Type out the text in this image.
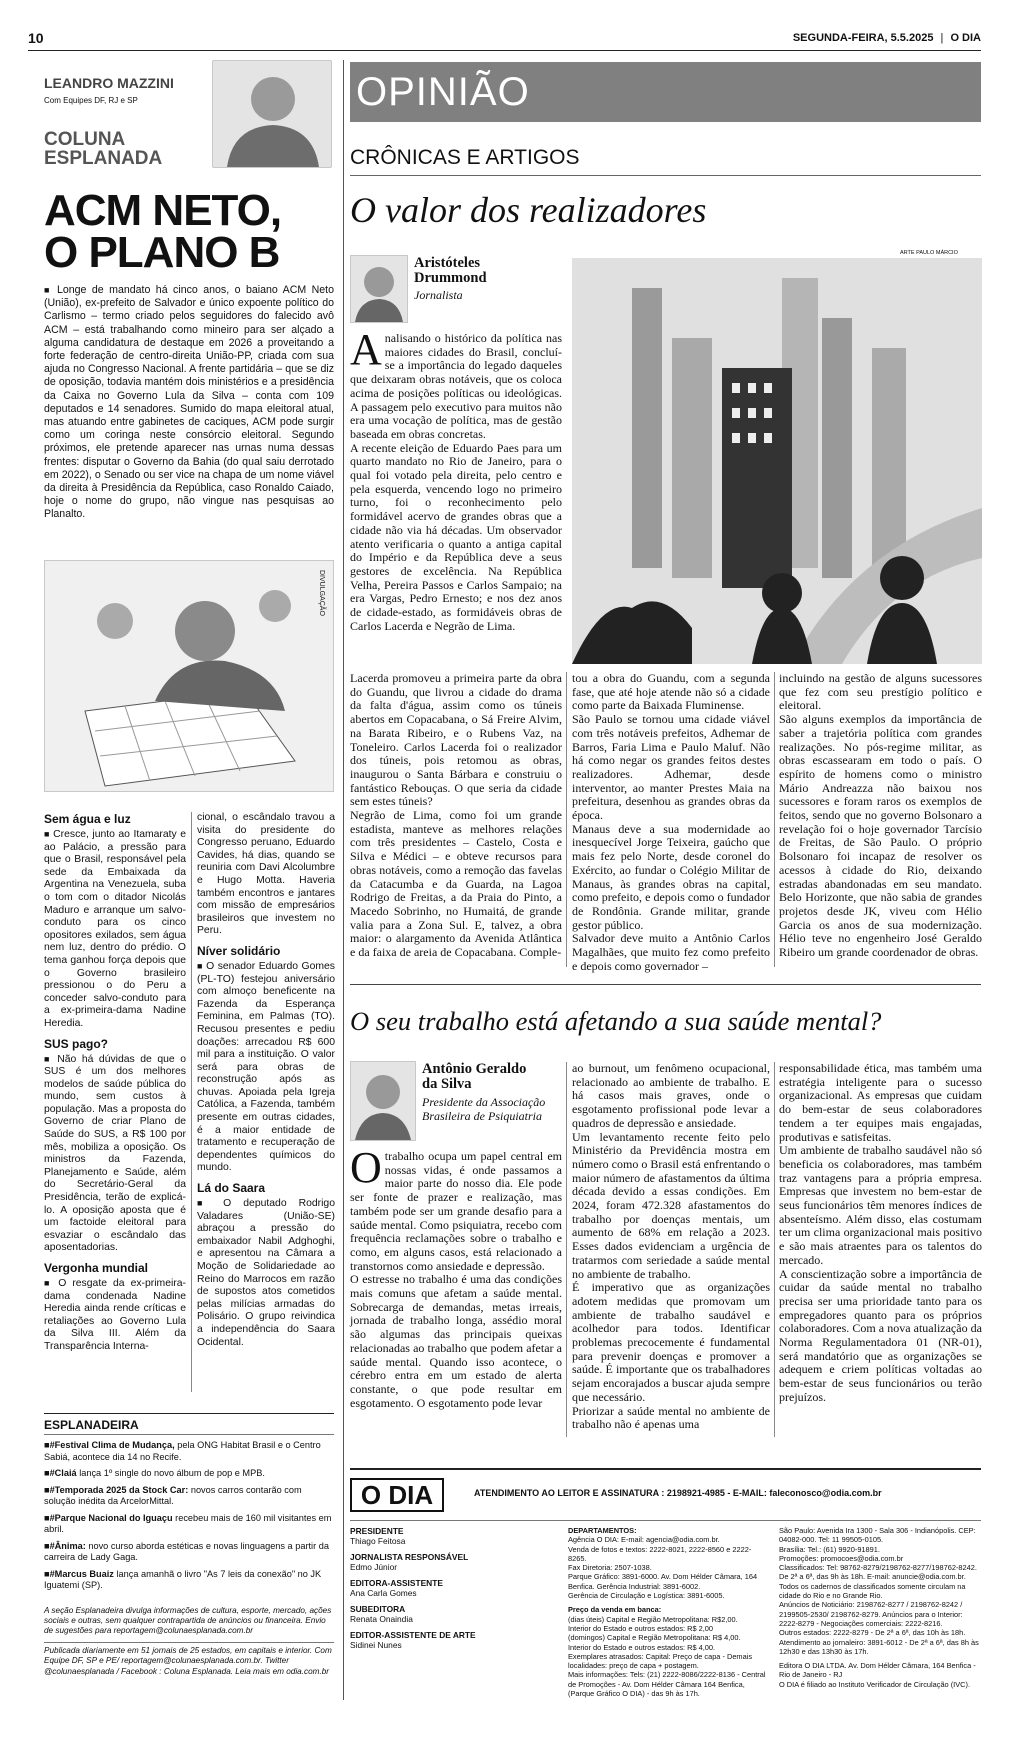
10	SEGUNDA-FEIRA, 5.5.2025 | O DIA
LEANDRO MAZZINI
Com Equipes DF, RJ e SP
COLUNA
ESPLANADA
ACM NETO,
O PLANO B
■ Longe de mandato há cinco anos, o baiano ACM Neto (União), ex-prefeito de Salvador e único expoente político do Carlismo – termo criado pelos seguidores do falecido avô ACM – está trabalhando como mineiro para ser alçado a alguma candidatura de destaque em 2026 a proveitando a forte federação de centro-direita União-PP, criada com sua ajuda no Congresso Nacional. A frente partidária – que se diz de oposição, todavia mantém dois ministérios e a presidência da Caixa no Governo Lula da Silva – conta com 109 deputados e 14 senadores. Sumido do mapa eleitoral atual, mas atuando entre gabinetes de caciques, ACM pode surgir como um coringa neste consórcio eleitoral. Segundo próximos, ele pretende aparecer nas urnas numa dessas frentes: disputar o Governo da Bahia (do qual saiu derrotado em 2022), o Senado ou ser vice na chapa de um nome viável da direita à Presidência da República, caso Ronaldo Caiado, hoje o nome do grupo, não vingue nas pesquisas ao Planalto.
DIVULGAÇÃO
Sem água e luz
■ Cresce, junto ao Itamaraty e ao Palácio, a pressão para que o Brasil, responsável pela sede da Embaixada da Argentina na Venezuela, suba o tom com o ditador Nicolás Maduro e arranque um salvo-conduto para os cinco opositores exilados, sem água nem luz, dentro do prédio. O tema ganhou força depois que o Governo brasileiro pressionou o do Peru a conceder salvo-conduto para a ex-primeira-dama Nadine Heredia.
SUS pago?
■ Não há dúvidas de que o SUS é um dos melhores modelos de saúde pública do mundo, sem custos à população. Mas a proposta do Governo de criar Plano de Saúde do SUS, a R$ 100 por mês, mobiliza a oposição. Os ministros da Fazenda, Planejamento e Saúde, além do Secretário-Geral da Presidência, terão de explicá-lo. A oposição aposta que é um factoide eleitoral para esvaziar o escândalo das aposentadorias.
Vergonha mundial
■ O resgate da ex-primeira-dama condenada Nadine Heredia ainda rende críticas e retaliações ao Governo Lula da Silva III. Além da Transparência Interna-
cional, o escândalo travou a visita do presidente do Congresso peruano, Eduardo Cavides, há dias, quando se reuniria com Davi Alcolumbre e Hugo Motta. Haveria também encontros e jantares com missão de empresários brasileiros que investem no Peru.
Níver solidário
■ O senador Eduardo Gomes (PL-TO) festejou aniversário com almoço beneficente na Fazenda da Esperança Feminina, em Palmas (TO). Recusou presentes e pediu doações: arrecadou R$ 600 mil para a instituição. O valor será para obras de reconstrução após as chuvas. Apoiada pela Igreja Católica, a Fazenda, também presente em outras cidades, é a maior entidade de tratamento e recuperação de dependentes químicos do mundo.
Lá do Saara
■ O deputado Rodrigo Valadares (União-SE) abraçou a pressão do embaixador Nabil Adghoghi, e apresentou na Câmara a Moção de Solidariedade ao Reino do Marrocos em razão de supostos atos cometidos pelas milícias armadas do Polisário. O grupo reivindica a independência do Saara Ocidental.
ESPLANADEIRA
■#Festival Clima de Mudança, pela ONG Habitat Brasil e o Centro Sabiá, acontece dia 14 no Recife.
■#Claiá lança 1º single do novo álbum de pop e MPB.
■#Temporada 2025 da Stock Car: novos carros contarão com solução inédita da ArcelorMittal.
■#Parque Nacional do Iguaçu recebeu mais de 160 mil visitantes em abril.
■#Ânima: novo curso aborda estéticas e novas linguagens a partir da carreira de Lady Gaga.
■#Marcus Buaiz lança amanhã o livro "As 7 leis da conexão" no JK Iguatemi (SP).
A seção Esplanadeira divulga informações de cultura, esporte, mercado, ações sociais e outras, sem qualquer contrapartida de anúncios ou financeira. Envio de sugestões para reportagem@colunaesplanada.com.br
Publicada diariamente em 51 jornais de 25 estados, em capitais e interior. Com Equipe DF, SP e PE/ reportagem@colunaesplanada.com.br. Twitter @colunaesplanada / Facebook : Coluna Esplanada. Leia mais em odia.com.br
OPINIÃO
CRÔNICAS E ARTIGOS
O valor dos realizadores
Aristóteles
Drummond
Jornalista
ARTE PAULO MÁRCIO

Analisando o histórico da política nas maiores cidades do Brasil, concluí-se a importância do legado daqueles que deixaram obras notáveis, que os coloca acima de posições políticas ou ideológicas. A passagem pelo executivo para muitos não era uma vocação de política, mas de gestão baseada em obras concretas.
A recente eleição de Eduardo Paes para um quarto mandato no Rio de Janeiro, para o qual foi votado pela direita, pelo centro e pela esquerda, vencendo logo no primeiro turno, foi o reconhecimento pelo formidável acervo de grandes obras que a cidade não via há décadas. Um observador atento verificaria o quanto a antiga capital do Império e da República deve a seus gestores de excelência. Na República Velha, Pereira Passos e Carlos Sampaio; na era Vargas, Pedro Ernesto; e nos dez anos de cidade-estado, as formidáveis obras de Carlos Lacerda e Negrão de Lima.

Lacerda promoveu a primeira parte da obra do Guandu, que livrou a cidade do drama da falta d'água, assim como os túneis abertos em Copacabana, o Sá Freire Alvim, na Barata Ribeiro, e o Rubens Vaz, na Toneleiro. Carlos Lacerda foi o realizador dos túneis, pois retomou as obras, inaugurou o Santa Bárbara e construiu o fantástico Rebouças. O que seria da cidade sem estes túneis?
Negrão de Lima, como foi um grande estadista, manteve as melhores relações com três presidentes – Castelo, Costa e Silva e Médici – e obteve recursos para obras notáveis, como a remoção das favelas da Catacumba e da Guarda, na Lagoa Rodrigo de Freitas, a da Praia do Pinto, a Macedo Sobrinho, no Humaitá, de grande valia para a Zona Sul. E, talvez, a obra maior: o alargamento da Avenida Atlântica e da faixa de areia de Copacabana. Comple-
tou a obra do Guandu, com a segunda fase, que até hoje atende não só a cidade como parte da Baixada Fluminense.
São Paulo se tornou uma cidade viável com três notáveis prefeitos, Adhemar de Barros, Faria Lima e Paulo Maluf. Não há como negar os grandes feitos destes realizadores. Adhemar, desde interventor, ao manter Prestes Maia na prefeitura, desenhou as grandes obras da época.
Manaus deve a sua modernidade ao inesquecível Jorge Teixeira, gaúcho que mais fez pelo Norte, desde coronel do Exército, ao fundar o Colégio Militar de Manaus, às grandes obras na capital, como prefeito, e depois como o fundador de Rondônia. Grande militar, grande gestor público.
Salvador deve muito a Antônio Carlos Magalhães, que muito fez como prefeito e depois como governador –
incluindo na gestão de alguns sucessores que fez com seu prestígio político e eleitoral.
São alguns exemplos da importância de saber a trajetória política com grandes realizações. No pós-regime militar, as obras escassearam em todo o país. O espírito de homens como o ministro Mário Andreazza não baixou nos sucessores e foram raros os exemplos de feitos, sendo que no governo Bolsonaro a revelação foi o hoje governador Tarcísio de Freitas, de São Paulo. O próprio Bolsonaro foi incapaz de resolver os acessos à cidade do Rio, deixando estradas abandonadas em seu mandato. Belo Horizonte, que não sabia de grandes projetos desde JK, viveu com Hélio Garcia os anos de sua modernização. Hélio teve no engenheiro José Geraldo Ribeiro um grande coordenador de obras.
O seu trabalho está afetando a sua saúde mental?
Antônio Geraldo
da Silva
Presidente da Associação Brasileira de Psiquiatria

Otrabalho ocupa um papel central em nossas vidas, é onde passamos a maior parte do nosso dia. Ele pode ser fonte de prazer e realização, mas também pode ser um grande desafio para a saúde mental. Como psiquiatra, recebo com frequência reclamações sobre o trabalho e como, em alguns casos, está relacionado a transtornos como ansiedade e depressão.
O estresse no trabalho é uma das condições mais comuns que afetam a saúde mental. Sobrecarga de demandas, metas irreais, jornada de trabalho longa, assédio moral são algumas das principais queixas relacionadas ao trabalho que podem afetar a saúde mental. Quando isso acontece, o cérebro entra em um estado de alerta constante, o que pode resultar em esgotamento. O esgotamento pode levar

ao burnout, um fenômeno ocupacional, relacionado ao ambiente de trabalho. E há casos mais graves, onde o esgotamento profissional pode levar a quadros de depressão e ansiedade.
Um levantamento recente feito pelo Ministério da Previdência mostra em número como o Brasil está enfrentando o maior número de afastamentos da última década devido a essas condições. Em 2024, foram 472.328 afastamentos do trabalho por doenças mentais, um aumento de 68% em relação a 2023. Esses dados evidenciam a urgência de tratarmos com seriedade a saúde mental no ambiente de trabalho.
É imperativo que as organizações adotem medidas que promovam um ambiente de trabalho saudável e acolhedor para todos. Identificar problemas precocemente é fundamental para prevenir doenças e promover a saúde. É importante que os trabalhadores sejam encorajados a buscar ajuda sempre que necessário.
Priorizar a saúde mental no ambiente de trabalho não é apenas uma
responsabilidade ética, mas também uma estratégia inteligente para o sucesso organizacional. As empresas que cuidam do bem-estar de seus colaboradores tendem a ter equipes mais engajadas, produtivas e satisfeitas.
Um ambiente de trabalho saudável não só beneficia os colaboradores, mas também traz vantagens para a própria empresa. Empresas que investem no bem-estar de seus funcionários têm menores índices de absenteísmo. Além disso, elas costumam ter um clima organizacional mais positivo e são mais atraentes para os talentos do mercado.
A conscientização sobre a importância de cuidar da saúde mental no trabalho precisa ser uma prioridade tanto para os empregadores quanto para os próprios colaboradores. Com a nova atualização da Norma Regulamentadora 01 (NR-01), será mandatório que as organizações se adequem e criem políticas voltadas ao bem-estar de seus funcionários ou terão prejuízos.
O DIA	ATENDIMENTO AO LEITOR E ASSINATURA : 2198921-4985 - E-MAIL: faleconosco@odia.com.br
PRESIDENTE
Thiago Feitosa
JORNALISTA RESPONSÁVEL
Edmo Júnior
EDITORA-ASSISTENTE
Ana Carla Gomes
SUBEDITORA
Renata Onaindia
EDITOR-ASSISTENTE DE ARTE
Sidinei Nunes
DEPARTAMENTOS:
Agência O DIA: E-mail: agencia@odia.com.br.
Venda de fotos e textos: 2222-8021, 2222-8560 e 2222-8265.
Fax Diretoria: 2507-1038.
Parque Gráfico: 3891-6000. Av. Dom Hélder Câmara, 164 Benfica. Gerência Industrial: 3891-6002.
Gerência de Circulação e Logística: 3891-6005.
Preço da venda em banca:
(dias úteis) Capital e Região Metropolitana: R$2,00.
Interior do Estado e outros estados: R$ 2,00
(domingos) Capital e Região Metropolitana: R$ 4,00.
Interior do Estado e outros estados: R$ 4,00.
Exemplares atrasados: Capital: Preço de capa - Demais localidades: preço de capa + postagem.
Mais informações: Tels: (21) 2222-8086/2222-8136 - Central de Promoções - Av. Dom Hélder Câmara 164 Benfica, (Parque Gráfico O DIA) - das 9h às 17h.
São Paulo: Avenida Ira 1300 - Sala 306 - Indianópolis. CEP: 04082-000. Tel: 11 99505-0105.
Brasília: Tel.: (61) 9920-91891.
Promoções: promocoes@odia.com.br
Classificados: Tel: 98762-8279/2198762-8277/198762-8242. De 2ª a 6ª, das 9h às 18h. E-mail: anuncie@odia.com.br. Todos os cadernos de classificados somente circulam na cidade do Rio e no Grande Rio.
Anúncios de Noticiário: 2198762-8277 / 2198762-8242 / 2199505-2530/ 2198762-8279. Anúncios para o Interior: 2222-8279 - Negociações comerciais: 2222-8216.
Outros estados: 2222-8279 - De 2ª a 6ª, das 10h às 18h.
Atendimento ao jornaleiro: 3891-6012 - De 2ª a 6ª, das 8h às 12h30 e das 13h30 às 17h.
Editora O DIA LTDA. Av. Dom Hélder Câmara, 164 Benfica - Rio de Janeiro - RJ
O DIA é filiado ao Instituto Verificador de Circulação (IVC).
